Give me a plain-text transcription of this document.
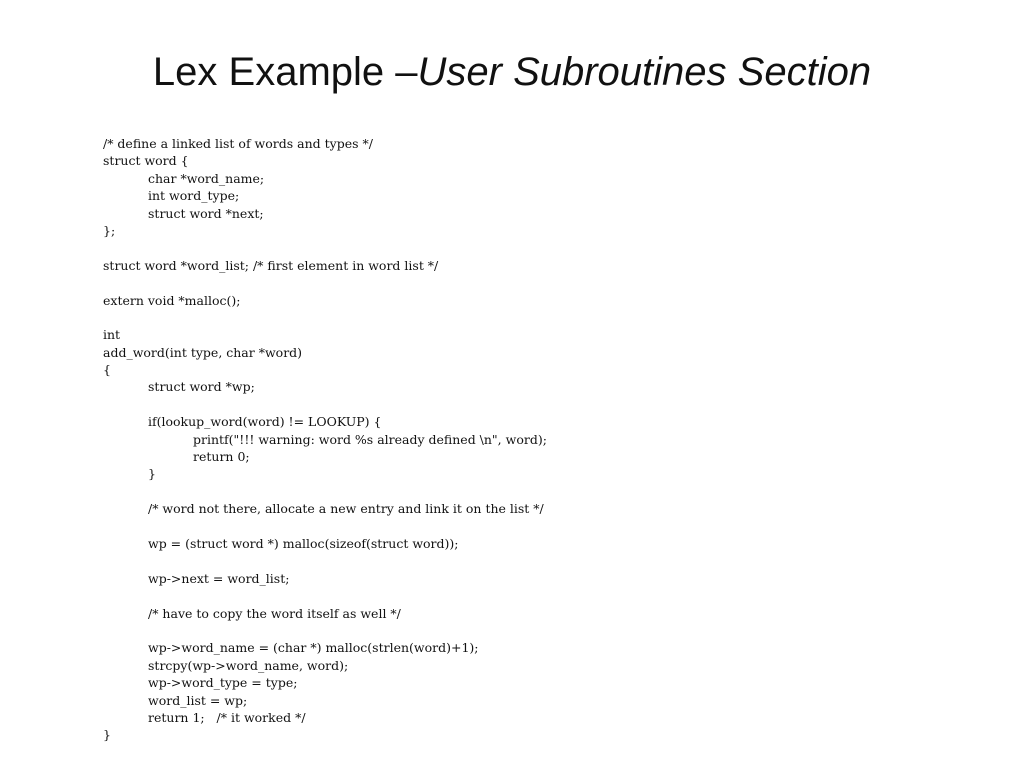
Lex Example –User Subroutines Section
/* define a linked list of words and types */
struct word {
char *word_name;
int word_type;
struct word *next;
};
struct word *word_list; /* first element in word list */
extern void *malloc();
int
add_word(int type, char *word)
{
struct word *wp;
if(lookup_word(word) != LOOKUP) {
printf("!!! warning: word %s already defined \n", word);
return 0;
}
/* word not there, allocate a new entry and link it on the list */
wp = (struct word *) malloc(sizeof(struct word));
wp->next = word_list;
/* have to copy the word itself as well */
wp->word_name = (char *) malloc(strlen(word)+1);
strcpy(wp->word_name, word);
wp->word_type = type;
word_list = wp;
return 1;   /* it worked */
}
